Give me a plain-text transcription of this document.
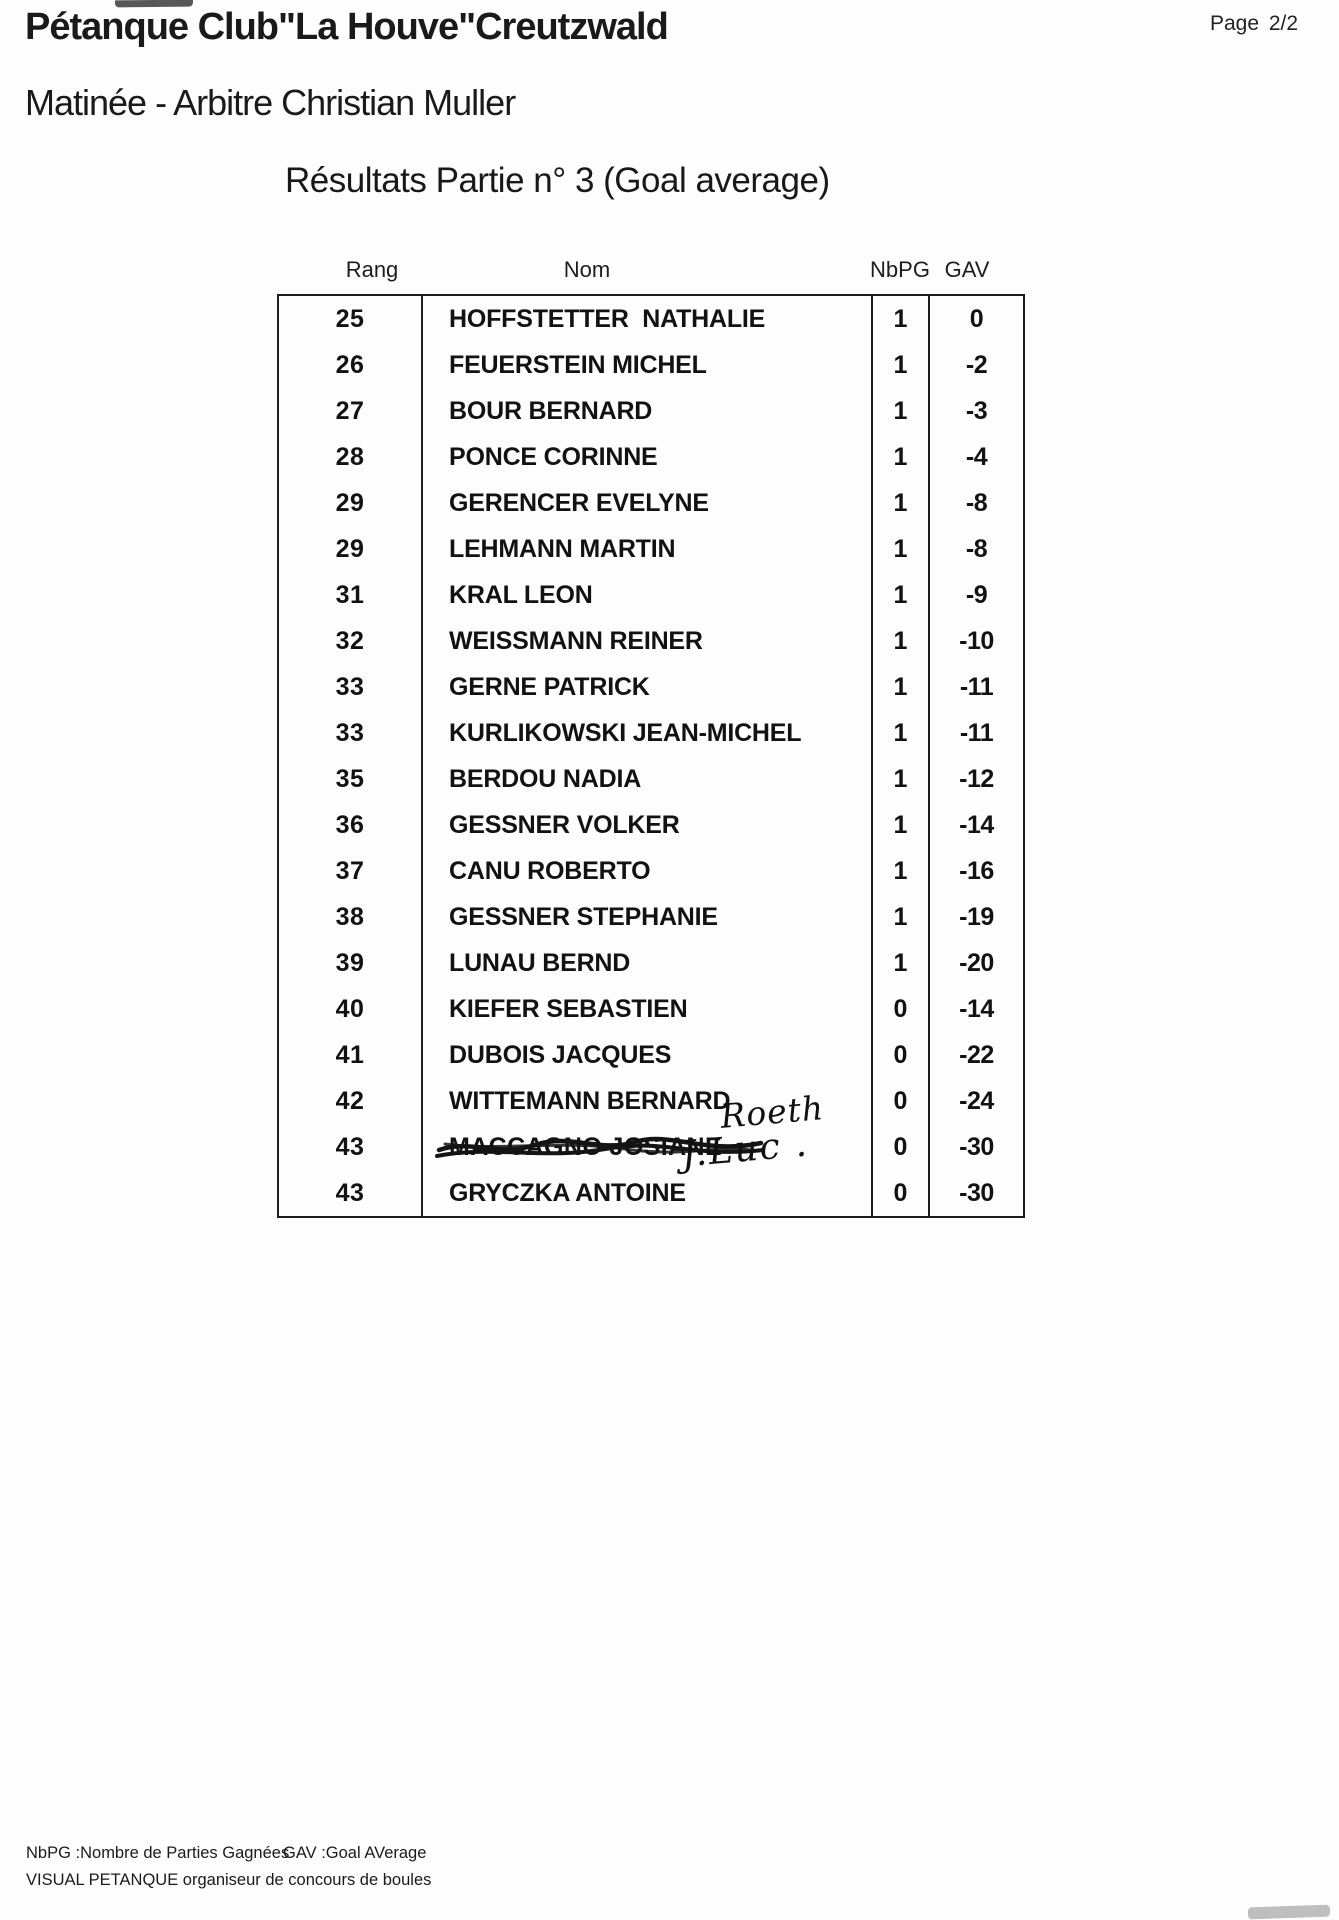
Pétanque Club"La Houve"Creutzwald	Page 2/2
Matinée - Arbitre Christian Muller
Résultats Partie n° 3 (Goal average)
Rang	Nom	NbPG GAV
25	HOFFSTETTER  NATHALIE	1	0
26	FEUERSTEIN MICHEL	1	-2
27	BOUR BERNARD	1	-3
28	PONCE CORINNE	1	-4
29	GERENCER EVELYNE	1	-8
29	LEHMANN MARTIN	1	-8
31	KRAL LEON	1	-9
32	WEISSMANN REINER	1	-10
33	GERNE PATRICK	1	-11
33	KURLIKOWSKI JEAN-MICHEL	1	-11
35	BERDOU NADIA	1	-12
36	GESSNER VOLKER	1	-14
37	CANU ROBERTO	1	-16
38	GESSNER STEPHANIE	1	-19
39	LUNAU BERND	1	-20
40	KIEFER SEBASTIEN	0	-14
41	DUBOIS JACQUES	0	-22
42	WITTEMANN BERNARD	0	-24
43	MACCAGNO JOSIANE	0	-30
43	GRYCZKA ANTOINE	0	-30
Roeth
J.Luc .
NbPG :Nombre de Parties Gagnées
GAV :Goal AVerage
VISUAL PETANQUE organiseur de concours de boules
